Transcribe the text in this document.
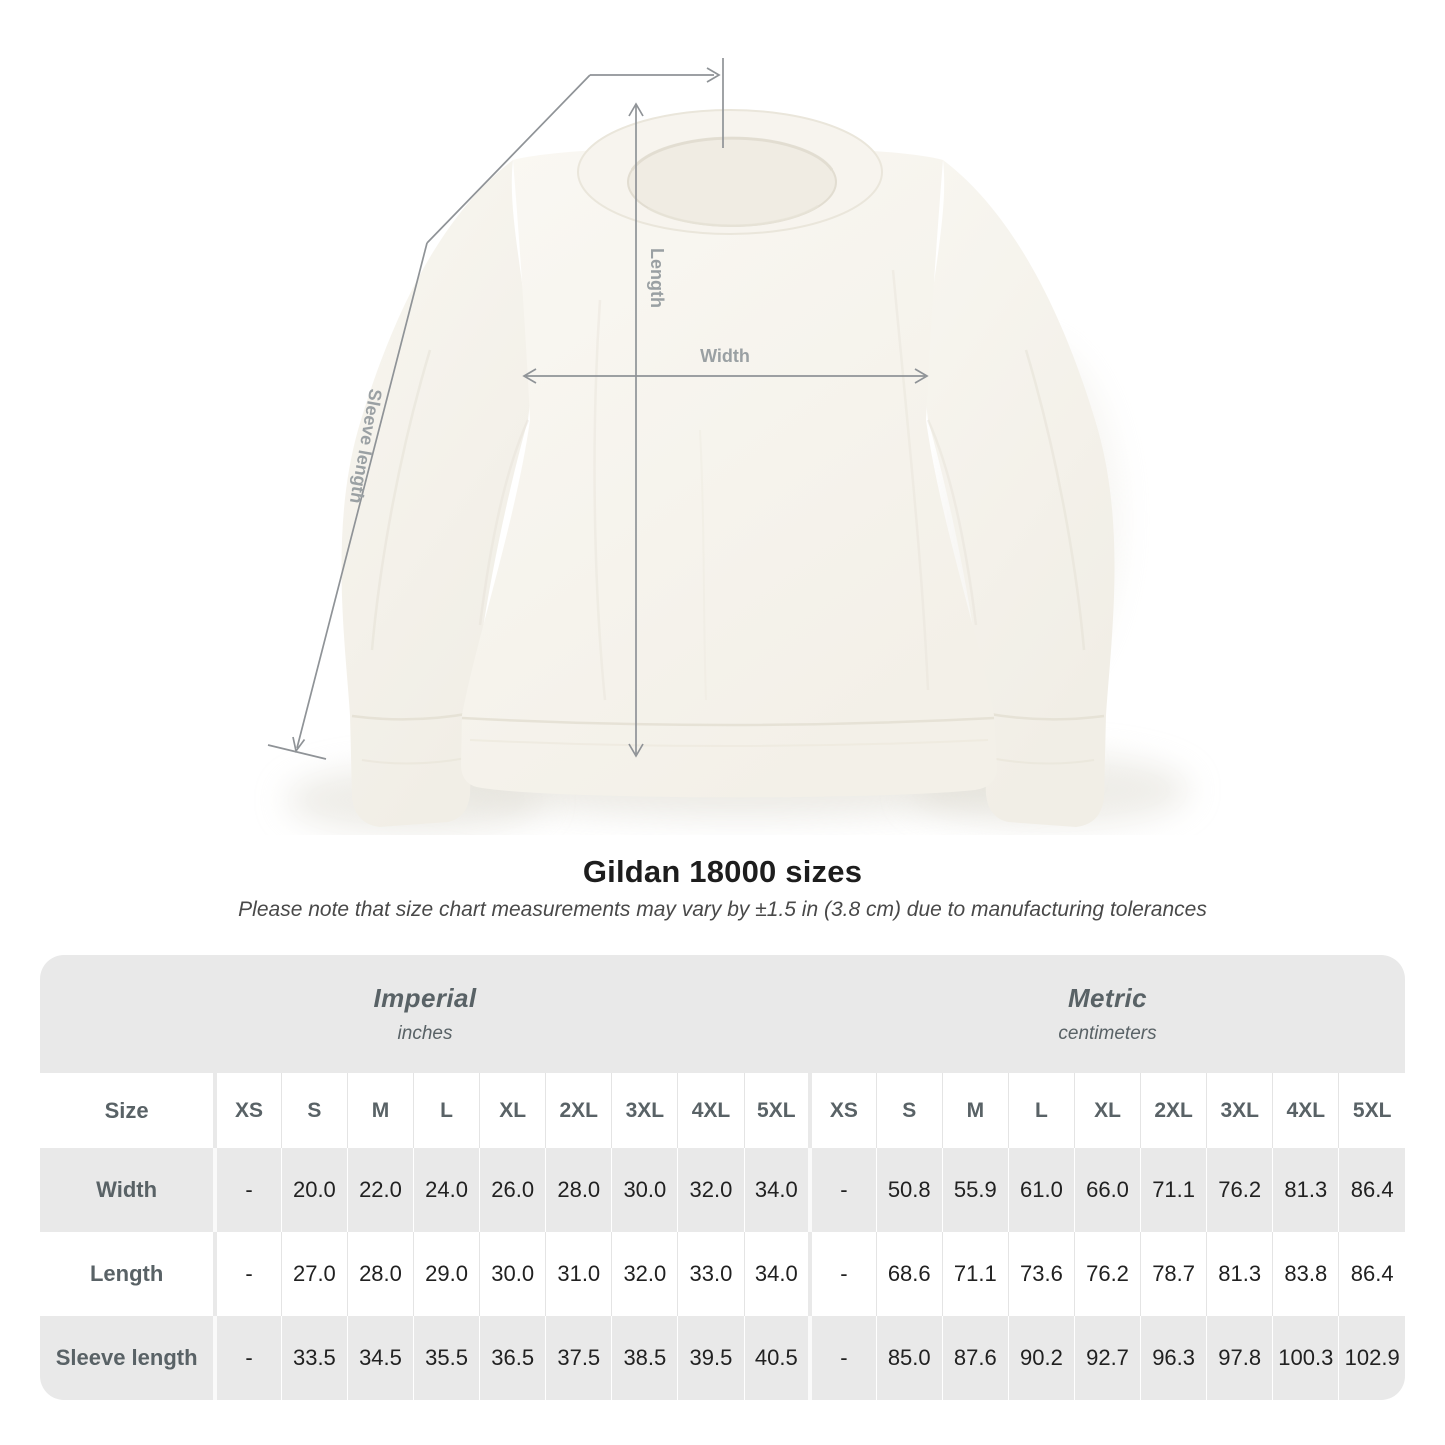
Length
Width
Sleeve length
Gildan 18000 sizes
Please note that size chart measurements may vary by ±1.5 in (3.8 cm) due to manufacturing tolerances
Imperial
inches
Metric
centimeters
Size	XS	S	M	L	XL	2XL	3XL	4XL	5XL	XS	S	M	L	XL	2XL	3XL	4XL	5XL
Width	-	20.0	22.0	24.0	26.0	28.0	30.0	32.0	34.0	-	50.8	55.9	61.0	66.0	71.1	76.2	81.3	86.4
Length	-	27.0	28.0	29.0	30.0	31.0	32.0	33.0	34.0	-	68.6	71.1	73.6	76.2	78.7	81.3	83.8	86.4
Sleeve length	-	33.5	34.5	35.5	36.5	37.5	38.5	39.5	40.5	-	85.0	87.6	90.2	92.7	96.3	97.8	100.3	102.9
